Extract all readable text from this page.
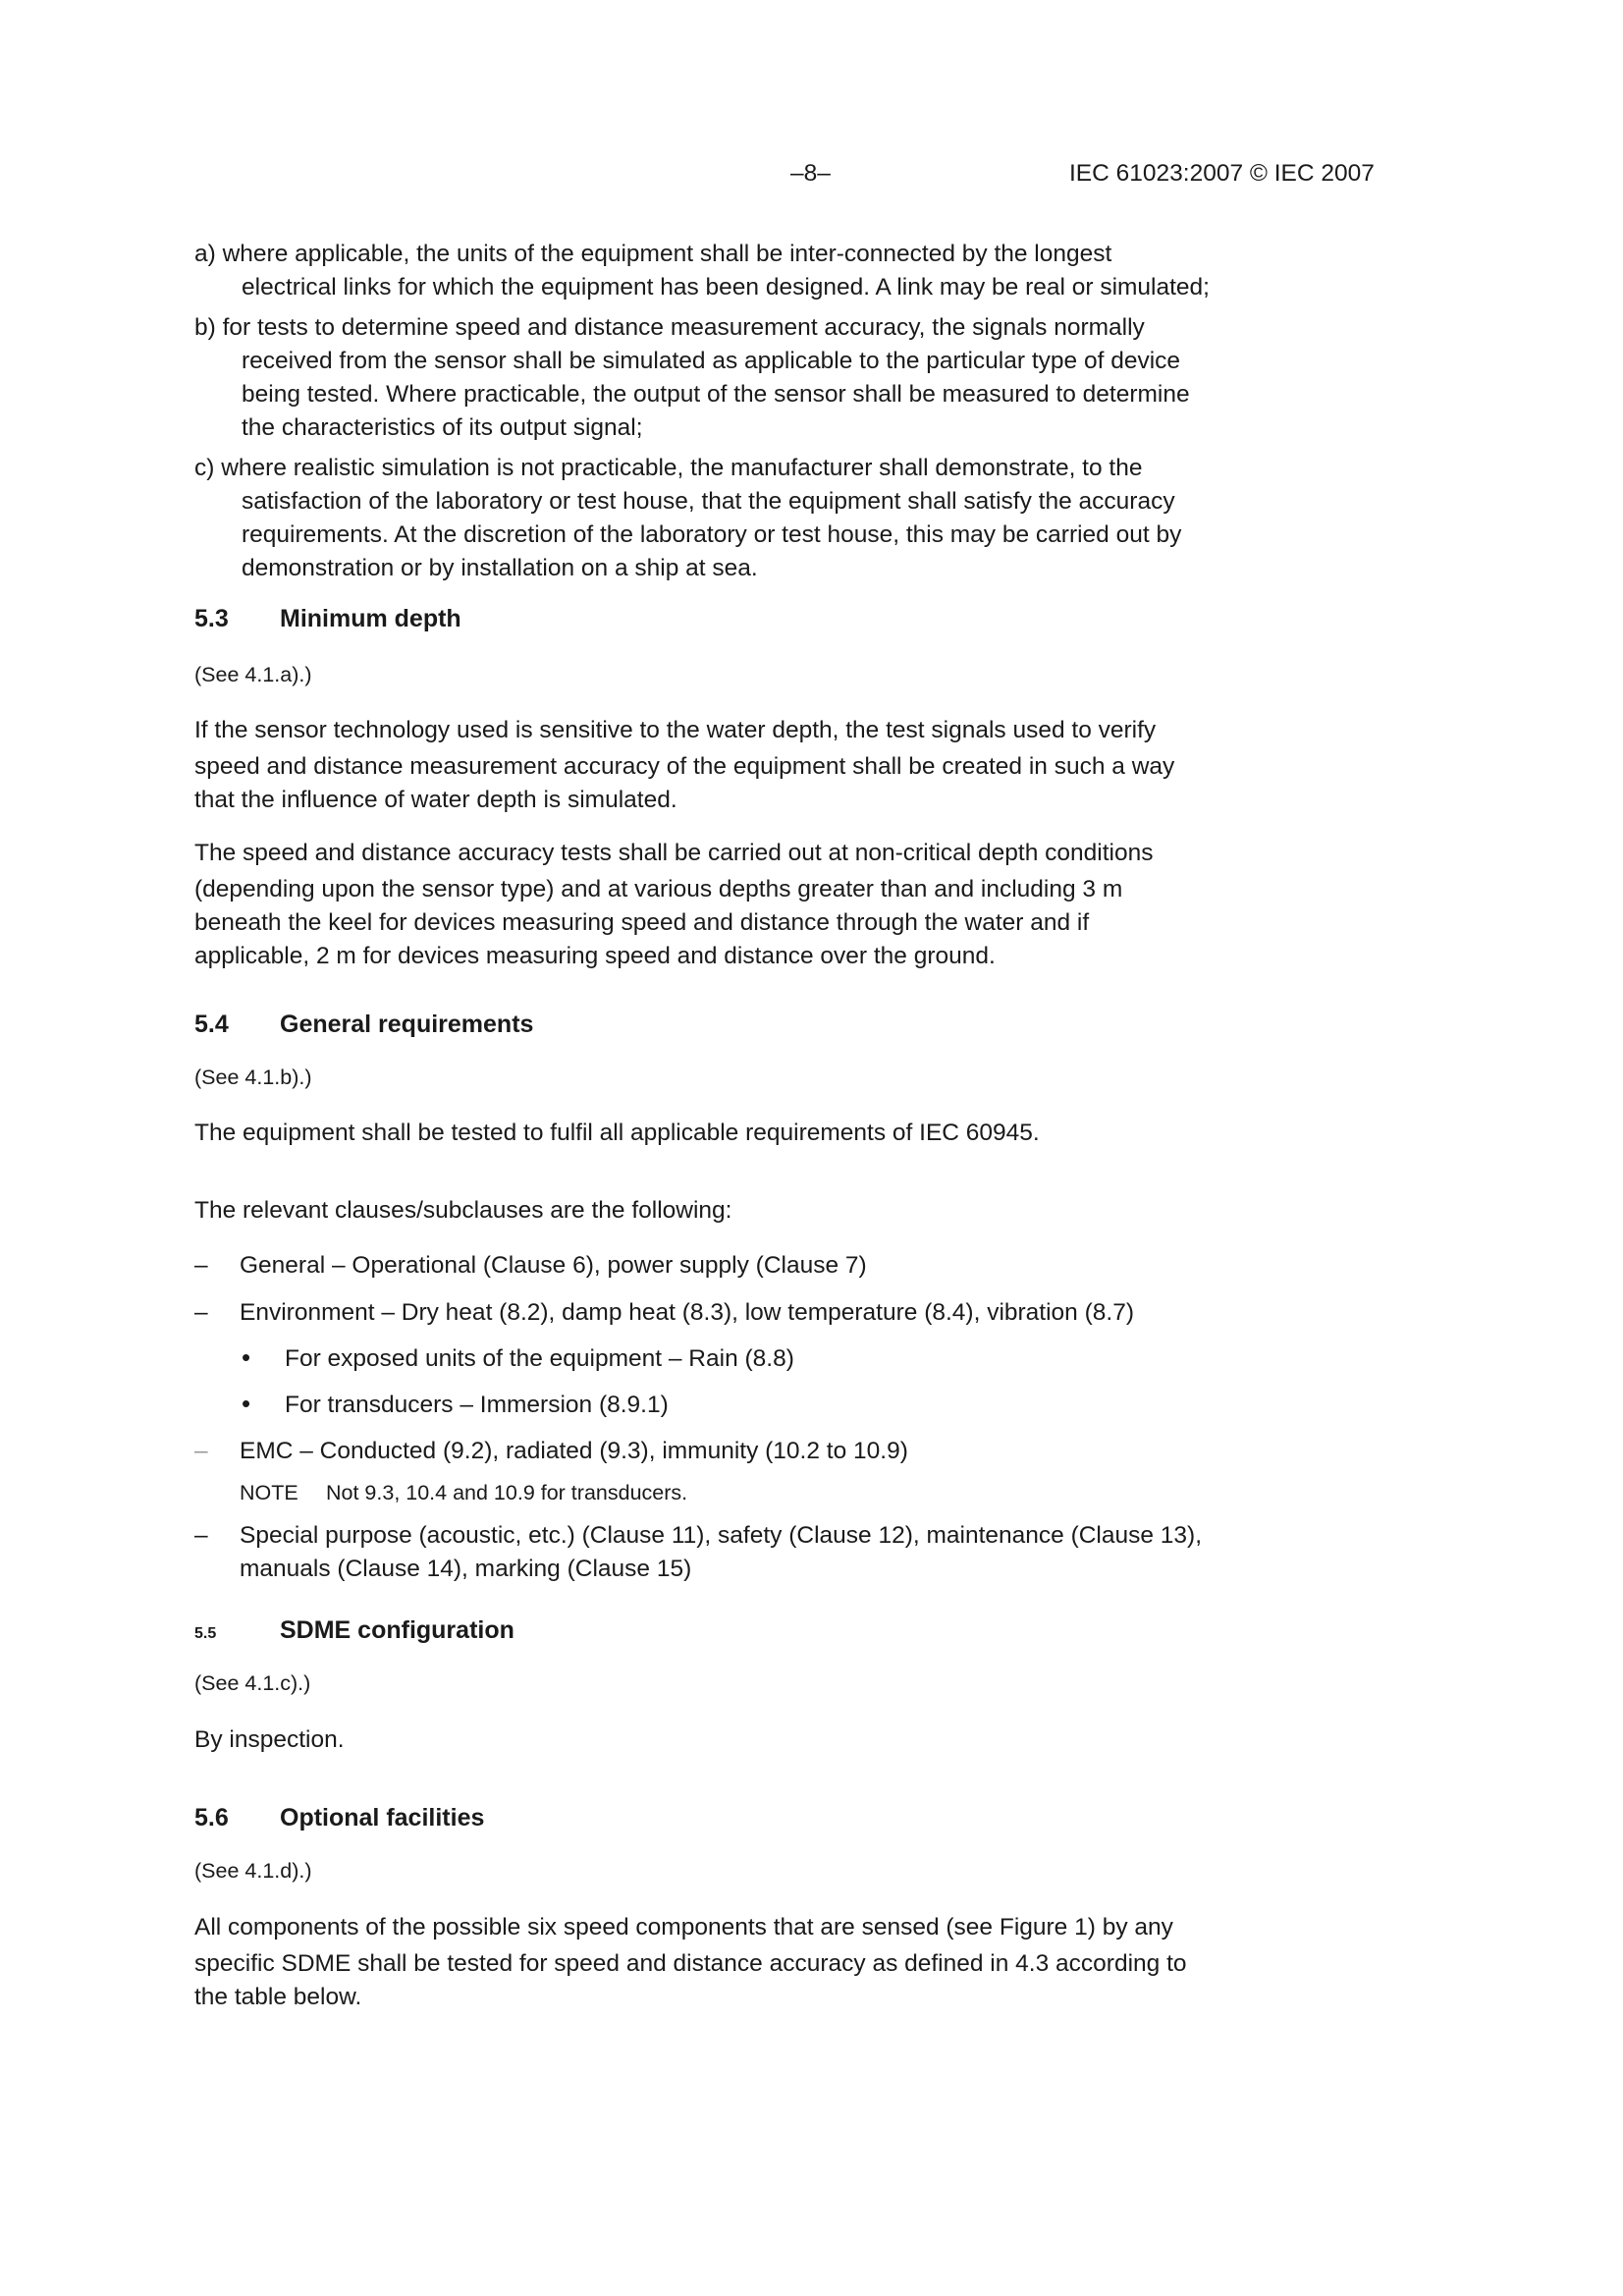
–8–	IEC 61023:2007 © IEC 2007
a) where applicable, the units of the equipment shall be inter-connected by the longest
electrical links for which the equipment has been designed. A link may be real or simulated;
b) for tests to determine speed and distance measurement accuracy, the signals normally
received from the sensor shall be simulated as applicable to the particular type of device
being tested. Where practicable, the output of the sensor shall be measured to determine
the characteristics of its output signal;
c) where realistic simulation is not practicable, the manufacturer shall demonstrate, to the
satisfaction of the laboratory or test house, that the equipment shall satisfy the accuracy
requirements. At the discretion of the laboratory or test house, this may be carried out by
demonstration or by installation on a ship at sea.
5.3 Minimum depth
(See 4.1.a).)
If the sensor technology used is sensitive to the water depth, the test signals used to verify
speed and distance measurement accuracy of the equipment shall be created in such a way
that the influence of water depth is simulated.
The speed and distance accuracy tests shall be carried out at non-critical depth conditions
(depending upon the sensor type) and at various depths greater than and including 3 m
beneath the keel for devices measuring speed and distance through the water and if
applicable, 2 m for devices measuring speed and distance over the ground.
5.4 General requirements
(See 4.1.b).)
The equipment shall be tested to fulfil all applicable requirements of IEC 60945.
The relevant clauses/subclauses are the following:
– General – Operational (Clause 6), power supply (Clause 7)
– Environment – Dry heat (8.2), damp heat (8.3), low temperature (8.4), vibration (8.7)
• For exposed units of the equipment – Rain (8.8)
• For transducers – Immersion (8.9.1)
– EMC – Conducted (9.2), radiated (9.3), immunity (10.2 to 10.9)
NOTE Not 9.3, 10.4 and 10.9 for transducers.
– Special purpose (acoustic, etc.) (Clause 11), safety (Clause 12), maintenance (Clause 13),
manuals (Clause 14), marking (Clause 15)
5.5	SDME configuration
(See 4.1.c).)
By inspection.
5.6 Optional facilities
(See 4.1.d).)
All components of the possible six speed components that are sensed (see Figure 1) by any
specific SDME shall be tested for speed and distance accuracy as defined in 4.3 according to
the table below.
